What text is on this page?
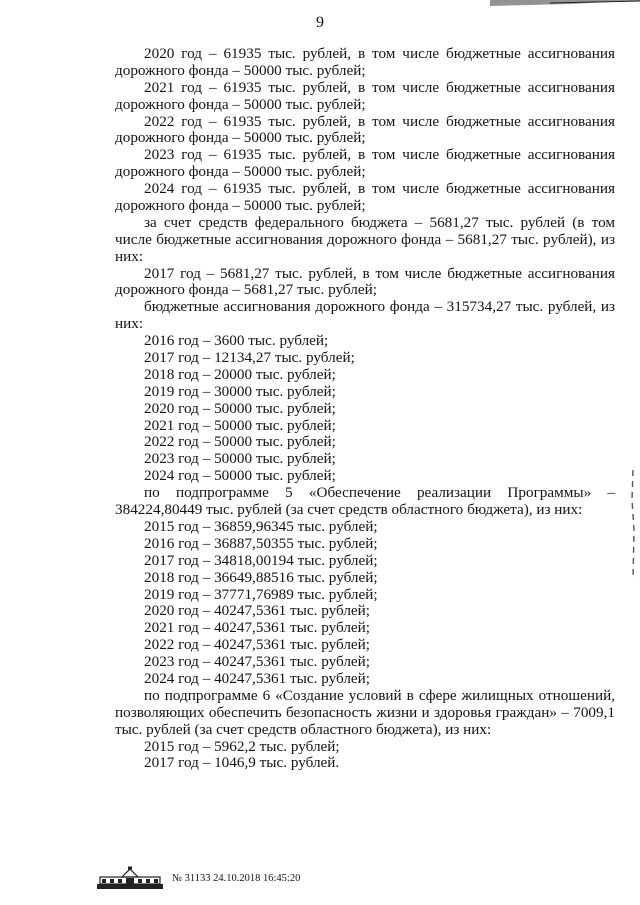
9
2020 год – 61935 тыс. рублей, в том числе бюджетные ассигнования
дорожного фонда – 50000 тыс. рублей;
2021 год – 61935 тыс. рублей, в том числе бюджетные ассигнования
дорожного фонда – 50000 тыс. рублей;
2022 год – 61935 тыс. рублей, в том числе бюджетные ассигнования
дорожного фонда – 50000 тыс. рублей;
2023 год – 61935 тыс. рублей, в том числе бюджетные ассигнования
дорожного фонда – 50000 тыс. рублей;
2024 год – 61935 тыс. рублей, в том числе бюджетные ассигнования
дорожного фонда – 50000 тыс. рублей;
за счет средств федерального бюджета – 5681,27 тыс. рублей (в том
числе бюджетные ассигнования дорожного фонда – 5681,27 тыс. рублей), из
них:
2017 год – 5681,27 тыс. рублей, в том числе бюджетные ассигнования
дорожного фонда – 5681,27 тыс. рублей;
бюджетные ассигнования дорожного фонда – 315734,27 тыс. рублей, из
них:
2016 год – 3600 тыс. рублей;
2017 год – 12134,27 тыс. рублей;
2018 год – 20000 тыс. рублей;
2019 год – 30000 тыс. рублей;
2020 год – 50000 тыс. рублей;
2021 год – 50000 тыс. рублей;
2022 год – 50000 тыс. рублей;
2023 год – 50000 тыс. рублей;
2024 год – 50000 тыс. рублей;
по подпрограмме 5 «Обеспечение реализации Программы» –
384224,80449 тыс. рублей (за счет средств областного бюджета), из них:
2015 год – 36859,96345 тыс. рублей;
2016 год – 36887,50355 тыс. рублей;
2017 год – 34818,00194 тыс. рублей;
2018 год – 36649,88516 тыс. рублей;
2019 год – 37771,76989 тыс. рублей;
2020 год – 40247,5361 тыс. рублей;
2021 год – 40247,5361 тыс. рублей;
2022 год – 40247,5361 тыс. рублей;
2023 год – 40247,5361 тыс. рублей;
2024 год – 40247,5361 тыс. рублей;
по подпрограмме 6 «Создание условий в сфере жилищных отношений,
позволяющих обеспечить безопасность жизни и здоровья граждан» – 7009,1
тыс. рублей (за счет средств областного бюджета), из них:
2015 год – 5962,2 тыс. рублей;
2017 год – 1046,9 тыс. рублей.
№ 31133 24.10.2018 16:45:20
